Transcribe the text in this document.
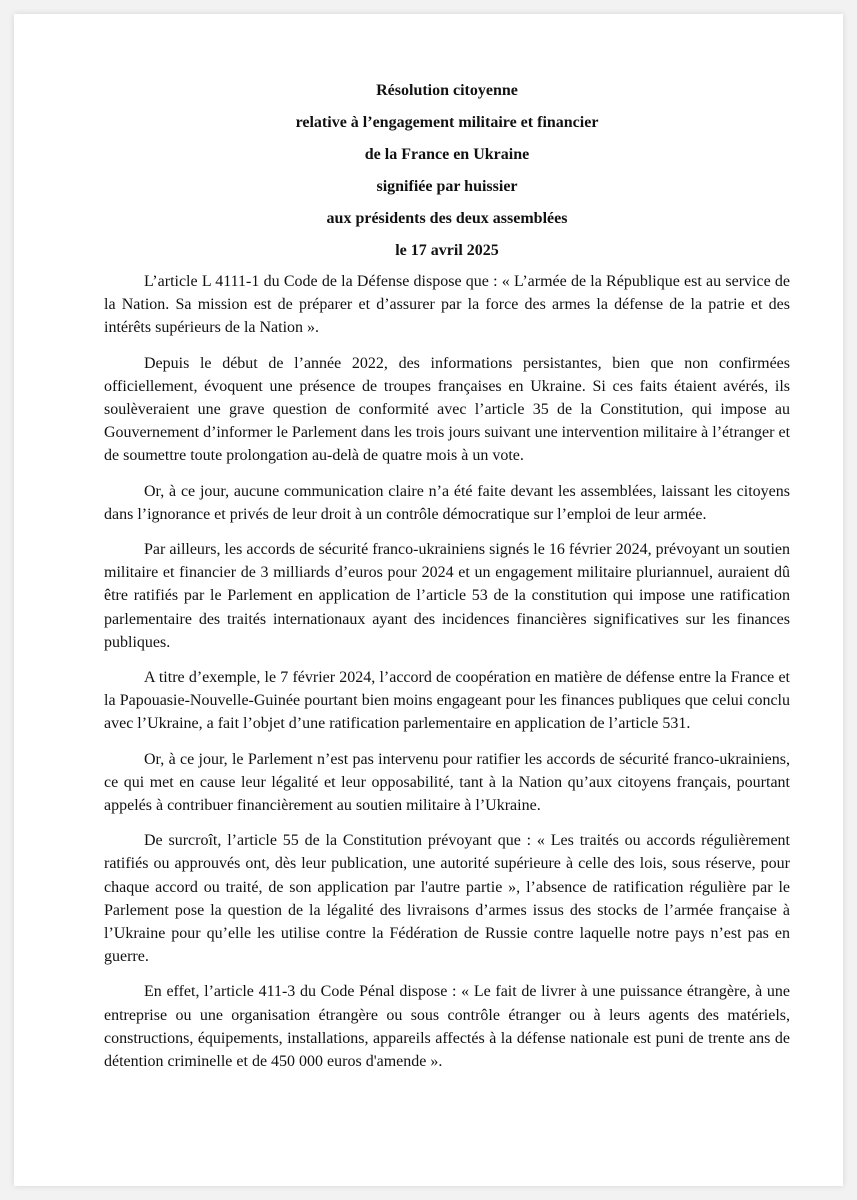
Résolution citoyenne
relative à l’engagement militaire et financier
de la France en Ukraine
signifiée par huissier
aux présidents des deux assemblées
le 17 avril 2025

L’article L 4111-1 du Code de la Défense dispose que : « L’armée de la République est au service de la Nation. Sa mission est de préparer et d’assurer par la force des armes la défense de la patrie et des intérêts supérieurs de la Nation ».

Depuis le début de l’année 2022, des informations persistantes, bien que non confirmées officiellement, évoquent une présence de troupes françaises en Ukraine. Si ces faits étaient avérés, ils soulèveraient une grave question de conformité avec l’article 35 de la Constitution, qui impose au Gouvernement d’informer le Parlement dans les trois jours suivant une intervention militaire à l’étranger et de soumettre toute prolongation au-delà de quatre mois à un vote.

Or, à ce jour, aucune communication claire n’a été faite devant les assemblées, laissant les citoyens dans l’ignorance et privés de leur droit à un contrôle démocratique sur l’emploi de leur armée.

Par ailleurs, les accords de sécurité franco-ukrainiens signés le 16 février 2024, prévoyant un soutien militaire et financier de 3 milliards d’euros pour 2024 et un engagement militaire pluriannuel, auraient dû être ratifiés par le Parlement en application de l’article 53 de la constitution qui impose une ratification parlementaire des traités internationaux ayant des incidences financières significatives sur les finances publiques.

A titre d’exemple, le 7 février 2024, l’accord de coopération en matière de défense entre la France et la Papouasie-Nouvelle-Guinée pourtant bien moins engageant pour les finances publiques que celui conclu avec l’Ukraine, a fait l’objet d’une ratification parlementaire en application de l’article 531.

Or, à ce jour, le Parlement n’est pas intervenu pour ratifier les accords de sécurité franco-ukrainiens, ce qui met en cause leur légalité et leur opposabilité, tant à la Nation qu’aux citoyens français, pourtant appelés à contribuer financièrement au soutien militaire à l’Ukraine.

De surcroît, l’article 55 de la Constitution prévoyant que : « Les traités ou accords régulièrement ratifiés ou approuvés ont, dès leur publication, une autorité supérieure à celle des lois, sous réserve, pour chaque accord ou traité, de son application par l'autre partie », l’absence de ratification régulière par le Parlement pose la question de la légalité des livraisons d’armes issus des stocks de l’armée française à l’Ukraine pour qu’elle les utilise contre la Fédération de Russie contre laquelle notre pays n’est pas en guerre.

En effet, l’article 411-3 du Code Pénal dispose : « Le fait de livrer à une puissance étrangère, à une entreprise ou une organisation étrangère ou sous contrôle étranger ou à leurs agents des matériels, constructions, équipements, installations, appareils affectés à la défense nationale est puni de trente ans de détention criminelle et de 450 000 euros d'amende ».
